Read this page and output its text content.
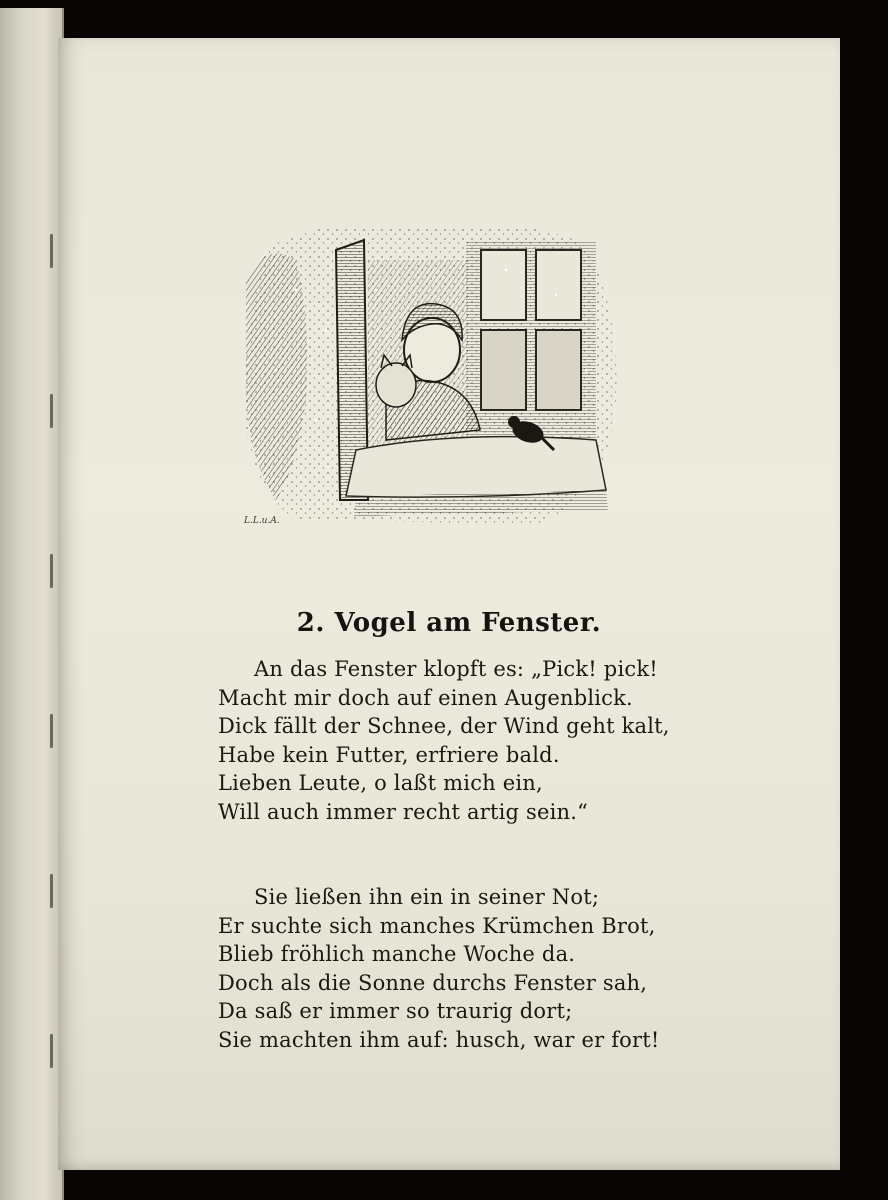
L.L.u.A.
2. Vogel am Fenster.
An das Fenster klopft es: „Pick! pick!
Macht mir doch auf einen Augenblick.
Dick fällt der Schnee, der Wind geht kalt,
Habe kein Futter, erfriere bald.
Lieben Leute, o laßt mich ein,
Will auch immer recht artig sein.“
Sie ließen ihn ein in seiner Not;
Er suchte sich manches Krümchen Brot,
Blieb fröhlich manche Woche da.
Doch als die Sonne durchs Fenster sah,
Da saß er immer so traurig dort;
Sie machten ihm auf: husch, war er fort!
